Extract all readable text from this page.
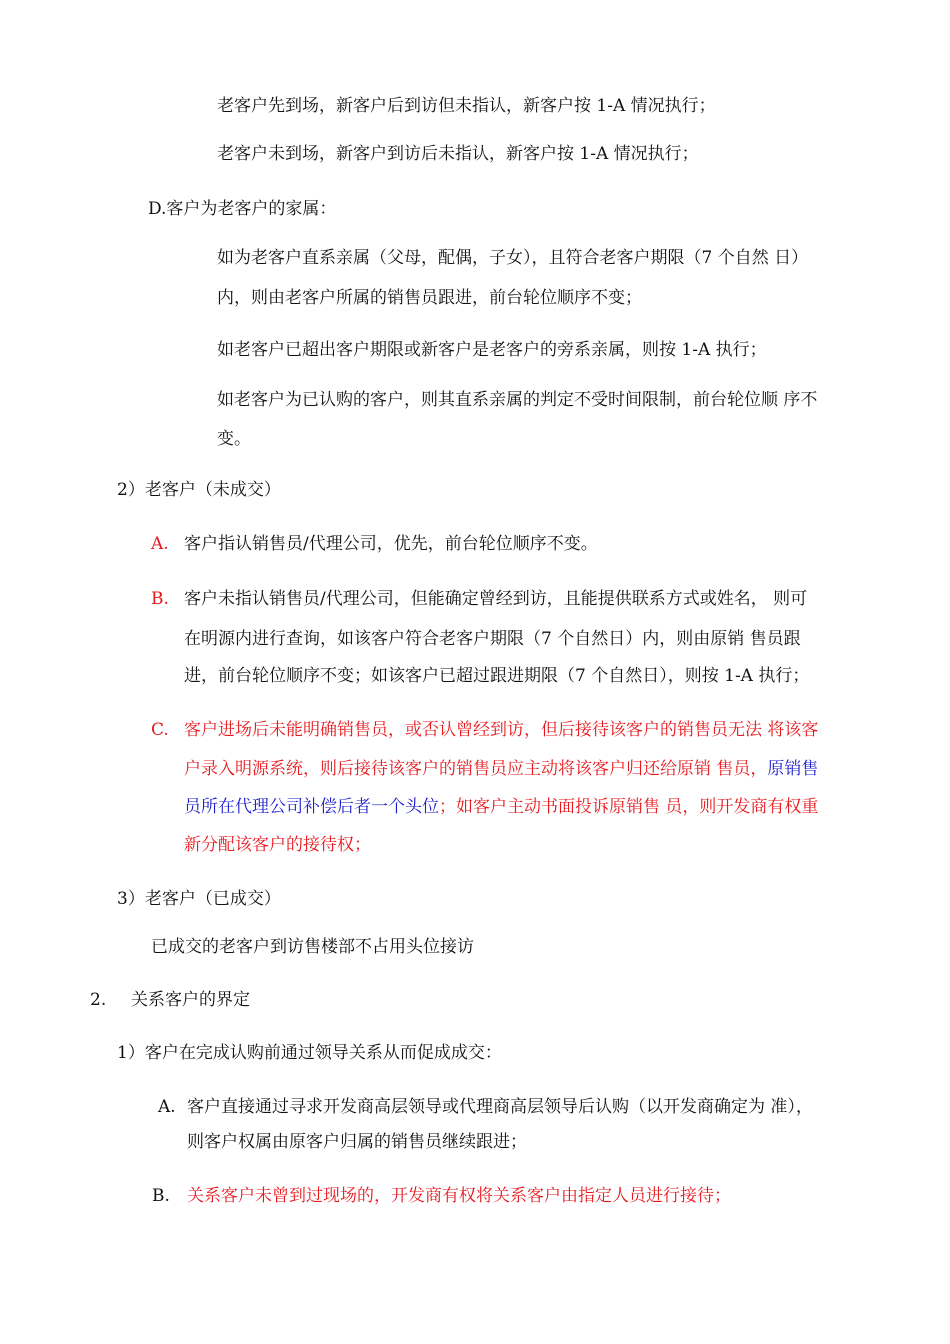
老客户先到场，新客户后到访但未指认，新客户按 1-A 情况执行；
老客户未到场，新客户到访后未指认，新客户按 1-A 情况执行；
D.客户为老客户的家属：
如为老客户直系亲属（父母，配偶，子女），且符合老客户期限（7 个自然 日）
内，则由老客户所属的销售员跟进，前台轮位顺序不变；
如老客户已超出客户期限或新客户是老客户的旁系亲属，则按 1-A 执行；
如老客户为已认购的客户，则其直系亲属的判定不受时间限制，前台轮位顺 序不
变。
2）老客户（未成交）
A. 客户指认销售员/代理公司，优先，前台轮位顺序不变。
B. 客户未指认销售员/代理公司，但能确定曾经到访，且能提供联系方式或姓名， 则可
在明源内进行查询，如该客户符合老客户期限（7 个自然日）内，则由原销 售员跟
进，前台轮位顺序不变；如该客户已超过跟进期限（7 个自然日），则按 1-A 执行；
C. 客户进场后未能明确销售员，或否认曾经到访，但后接待该客户的销售员无法 将该客
户录入明源系统，则后接待该客户的销售员应主动将该客户归还给原销 售员，原销售
员所在代理公司补偿后者一个头位；如客户主动书面投诉原销售 员，则开发商有权重
新分配该客户的接待权；
3）老客户（已成交）
已成交的老客户到访售楼部不占用头位接访
2. 关系客户的界定
1）客户在完成认购前通过领导关系从而促成成交：
A. 客户直接通过寻求开发商高层领导或代理商高层领导后认购（以开发商确定为 准），
则客户权属由原客户归属的销售员继续跟进；
B. 关系客户未曾到过现场的，开发商有权将关系客户由指定人员进行接待；
